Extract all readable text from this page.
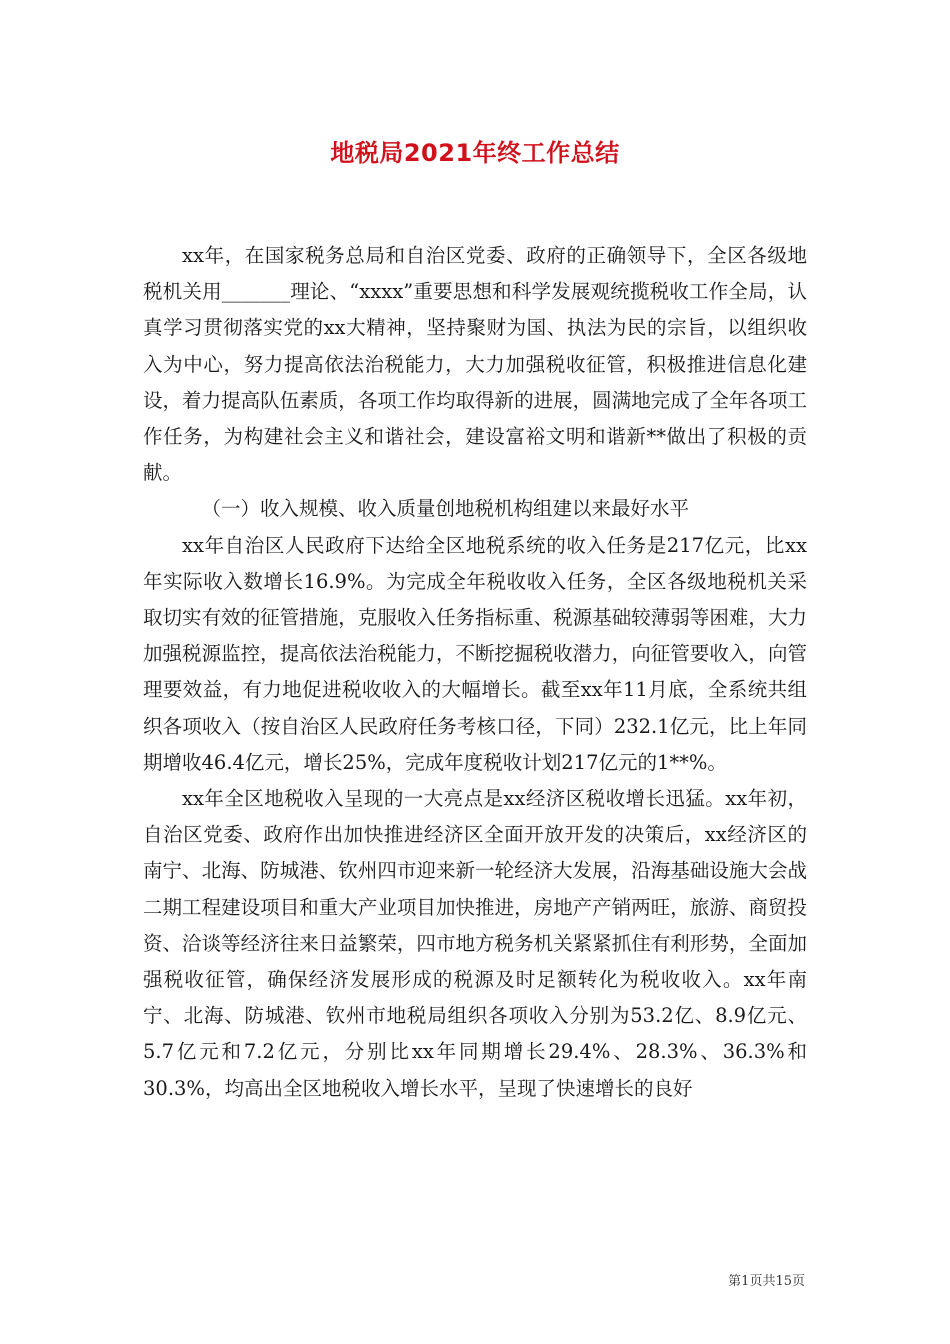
地税局2021年终工作总结

xx年，在国家税务总局和自治区党委、政府的正确领导下，全区各级地税机关用_______理论、“xxxx”重要思想和科学发展观统揽税收工作全局，认真学习贯彻落实党的xx大精神，坚持聚财为国、执法为民的宗旨，以组织收入为中心，努力提高依法治税能力，大力加强税收征管，积极推进信息化建设，着力提高队伍素质，各项工作均取得新的进展，圆满地完成了全年各项工作任务，为构建社会主义和谐社会，建设富裕文明和谐新**做出了积极的贡献。

（一）收入规模、收入质量创地税机构组建以来最好水平

xx年自治区人民政府下达给全区地税系统的收入任务是217亿元，比xx年实际收入数增长16.9%。为完成全年税收收入任务，全区各级地税机关采取切实有效的征管措施，克服收入任务指标重、税源基础较薄弱等困难，大力加强税源监控，提高依法治税能力，不断挖掘税收潜力，向征管要收入，向管理要效益，有力地促进税收收入的大幅增长。截至xx年11月底，全系统共组织各项收入（按自治区人民政府任务考核口径，下同）232.1亿元，比上年同期增收46.4亿元，增长25%，完成年度税收计划217亿元的1**%。

xx年全区地税收入呈现的一大亮点是xx经济区税收增长迅猛。xx年初，自治区党委、政府作出加快推进经济区全面开放开发的决策后，xx经济区的南宁、北海、防城港、钦州四市迎来新一轮经济大发展，沿海基础设施大会战二期工程建设项目和重大产业项目加快推进，房地产产销两旺，旅游、商贸投资、洽谈等经济往来日益繁荣，四市地方税务机关紧紧抓住有利形势，全面加强税收征管，确保经济发展形成的税源及时足额转化为税收收入。xx年南宁、北海、防城港、钦州市地税局组织各项收入分别为53.2亿、8.9亿元、5.7亿元和7.2亿元，分别比xx年同期增长29.4%、28.3%、36.3%和30.3%，均高出全区地税收入增长水平，呈现了快速增长的良好

第1页共15页
